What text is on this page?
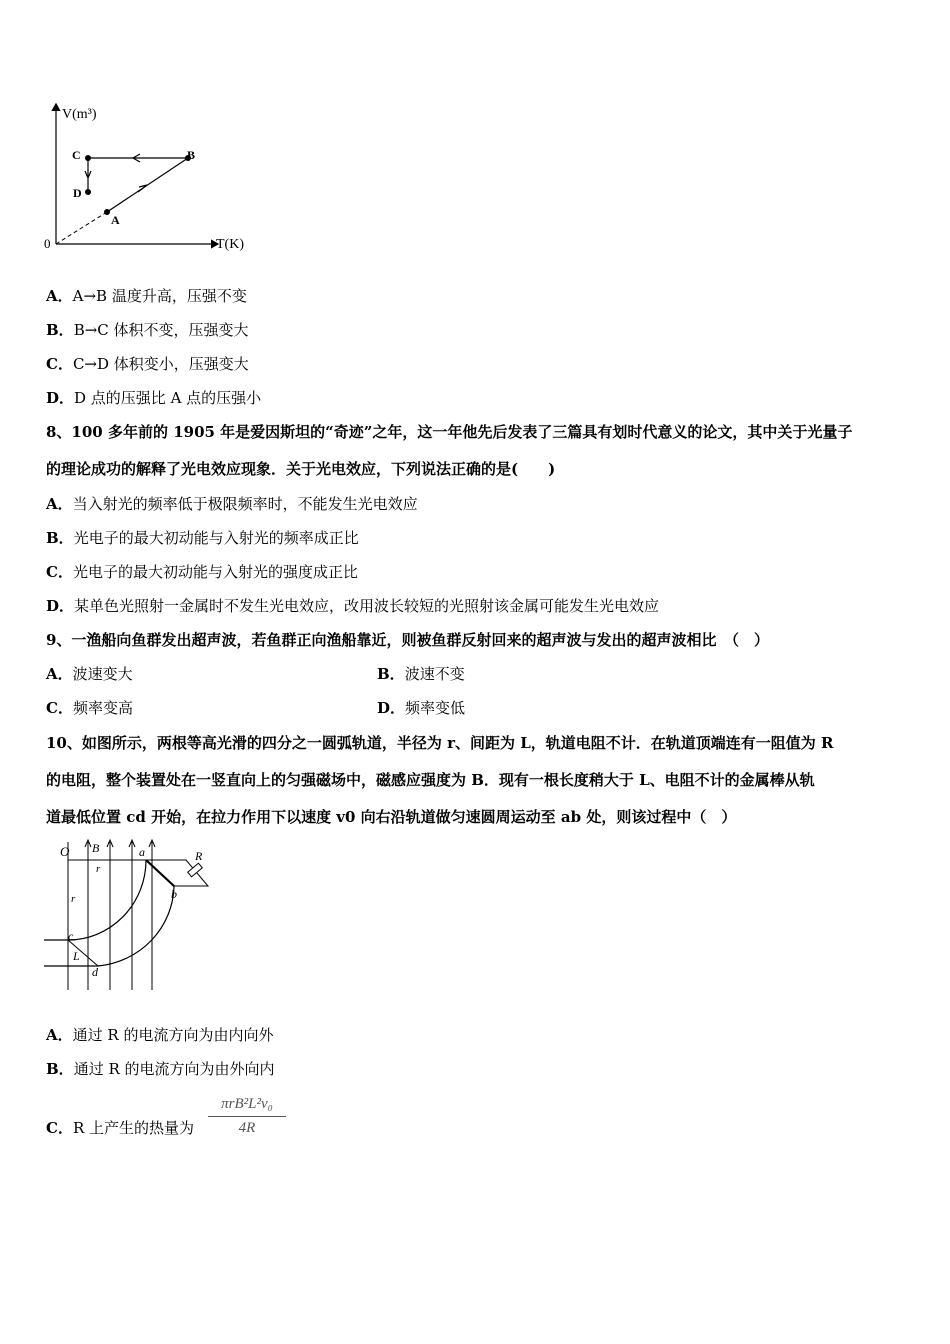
V(m³)
T(K)
0
A
B
C
D
A．A→B 温度升高，压强不变
B．B→C 体积不变，压强变大
C．C→D 体积变小，压强变大
D．D 点的压强比 A 点的压强小
8、100 多年前的 1905 年是爱因斯坦的“奇迹”之年，这一年他先后发表了三篇具有划时代意义的论文，其中关于光量子
的理论成功的解释了光电效应现象．关于光电效应，下列说法正确的是(　　)
A．当入射光的频率低于极限频率时，不能发生光电效应
B．光电子的最大初动能与入射光的频率成正比
C．光电子的最大初动能与入射光的强度成正比
D．某单色光照射一金属时不发生光电效应，改用波长较短的光照射该金属可能发生光电效应
9、一渔船向鱼群发出超声波，若鱼群正向渔船靠近，则被鱼群反射回来的超声波与发出的超声波相比　（　）
A．波速变大	B．波速不变
C．频率变高	D．频率变低
10、如图所示，两根等高光滑的四分之一圆弧轨道，半径为 r、间距为 L，轨道电阻不计．在轨道顶端连有一阻值为 R
的电阻，整个装置处在一竖直向上的匀强磁场中，磁感应强度为 B．现有一根长度稍大于 L、电阻不计的金属棒从轨
道最低位置 cd 开始，在拉力作用下以速度 v0 向右沿轨道做匀速圆周运动至 ab 处，则该过程中（　）
O B	a	R
r
r	b
c
L
d
A．通过 R 的电流方向为由内向外
B．通过 R 的电流方向为由外向内
C．R 上产生的热量为
πrB²L²v₀
4R
